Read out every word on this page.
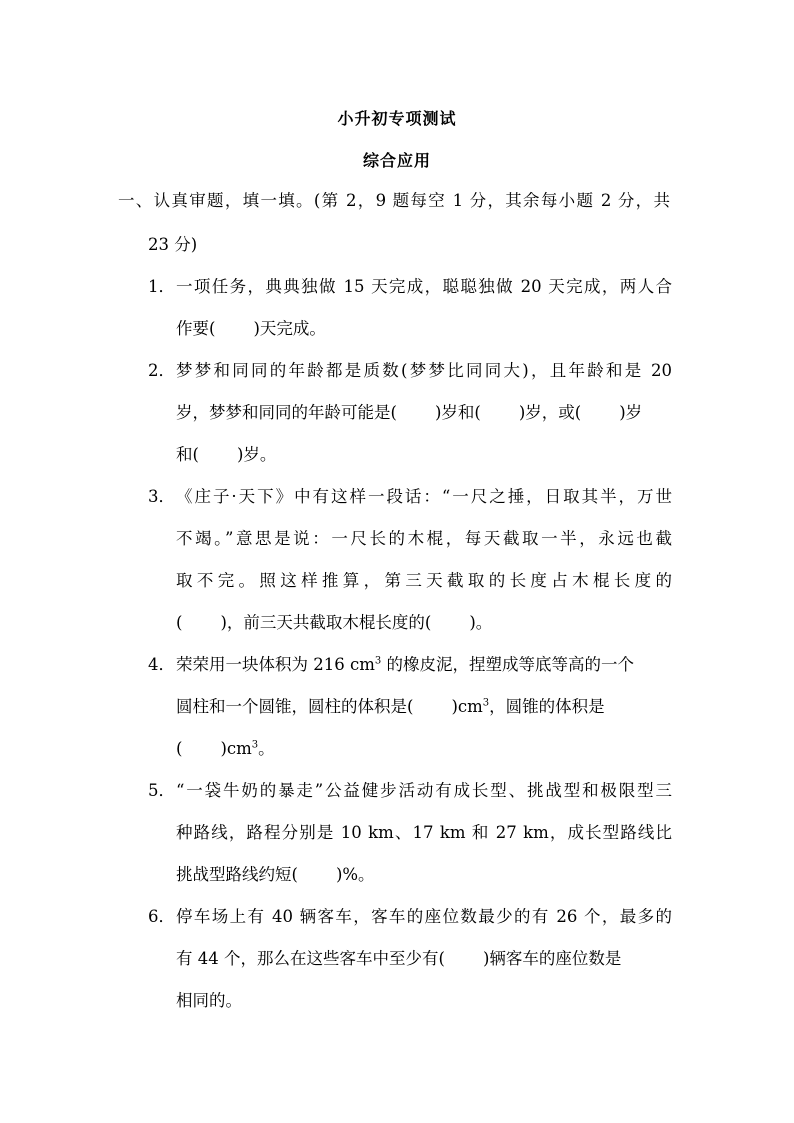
小升初专项测试
综合应用
一、认真审题，填一填。(第 2，9 题每空 1 分，其余每小题 2 分，共
23 分)
1． 一项任务，典典独做 15 天完成，聪聪独做 20 天完成，两人合
作要( )天完成。
2． 梦梦和同同的年龄都是质数(梦梦比同同大)，且年龄和是 20
岁，梦梦和同同的年龄可能是( )岁和( )岁，或( )岁
和( )岁。
3． 《庄子·天下》中有这样一段话：“一尺之捶，日取其半，万世
不竭。”意思是说：一尺长的木棍，每天截取一半，永远也截
取不完。照这样推算，第三天截取的长度占木棍长度的
( )，前三天共截取木棍长度的( )。
4． 荣荣用一块体积为 216 $cm^3$ 的橡皮泥，捏塑成等底等高的一个
圆柱和一个圆锥，圆柱的体积是( )$cm^3$，圆锥的体积是
( )$cm^3$。
5． “一袋牛奶的暴走”公益健步活动有成长型、挑战型和极限型三
种路线，路程分别是 10 km、17 km 和 27 km，成长型路线比
挑战型路线约短( )%。
6． 停车场上有 40 辆客车，客车的座位数最少的有 26 个，最多的
有 44 个，那么在这些客车中至少有( )辆客车的座位数是
相同的。
